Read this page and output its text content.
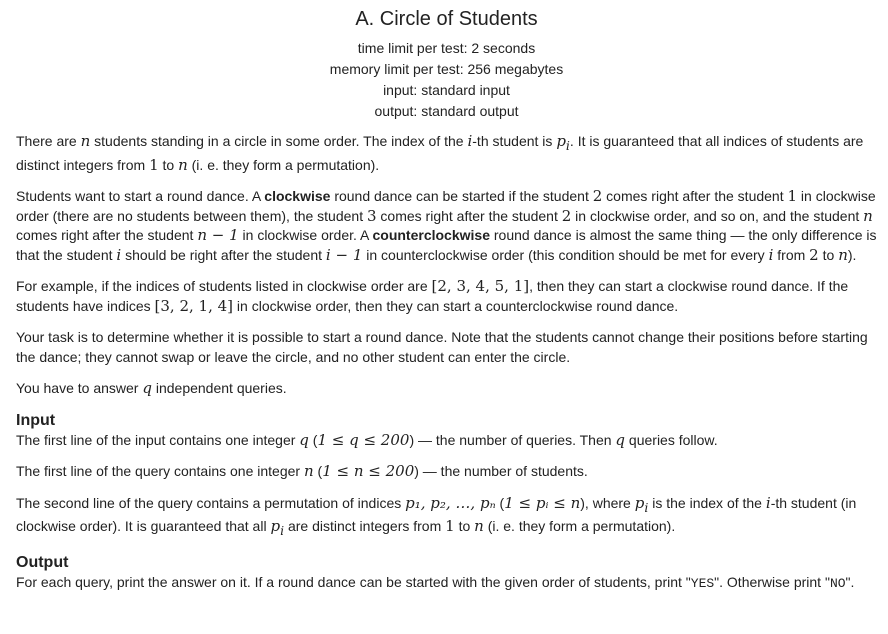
A. Circle of Students
time limit per test: 2 seconds
memory limit per test: 256 megabytes
input: standard input
output: standard output

There are n students standing in a circle in some order. The index of the i-th student is $p_i$. It is guaranteed that all indices of students are distinct integers from 1 to n (i. e. they form a permutation).

Students want to start a round dance. A clockwise round dance can be started if the student 2 comes right after the student 1 in clockwise order (there are no students between them), the student 3 comes right after the student 2 in clockwise order, and so on, and the student n comes right after the student n − 1 in clockwise order. A counterclockwise round dance is almost the same thing — the only difference is that the student i should be right after the student i − 1 in counterclockwise order (this condition should be met for every i from 2 to n).

For example, if the indices of students listed in clockwise order are [2, 3, 4, 5, 1], then they can start a clockwise round dance. If the students have indices [3, 2, 1, 4] in clockwise order, then they can start a counterclockwise round dance.

Your task is to determine whether it is possible to start a round dance. Note that the students cannot change their positions before starting the dance; they cannot swap or leave the circle, and no other student can enter the circle.

You have to answer q independent queries.

Input

The first line of the input contains one integer q (1 ≤ q ≤ 200) — the number of queries. Then q queries follow.

The first line of the query contains one integer n (1 ≤ n ≤ 200) — the number of students.

The second line of the query contains a permutation of indices p₁, p₂, …, pₙ (1 ≤ pᵢ ≤ n), where $p_i$ is the index of the i-th student (in clockwise order). It is guaranteed that all $p_i$ are distinct integers from 1 to n (i. e. they form a permutation).

Output

For each query, print the answer on it. If a round dance can be started with the given order of students, print "YES". Otherwise print "NO".
